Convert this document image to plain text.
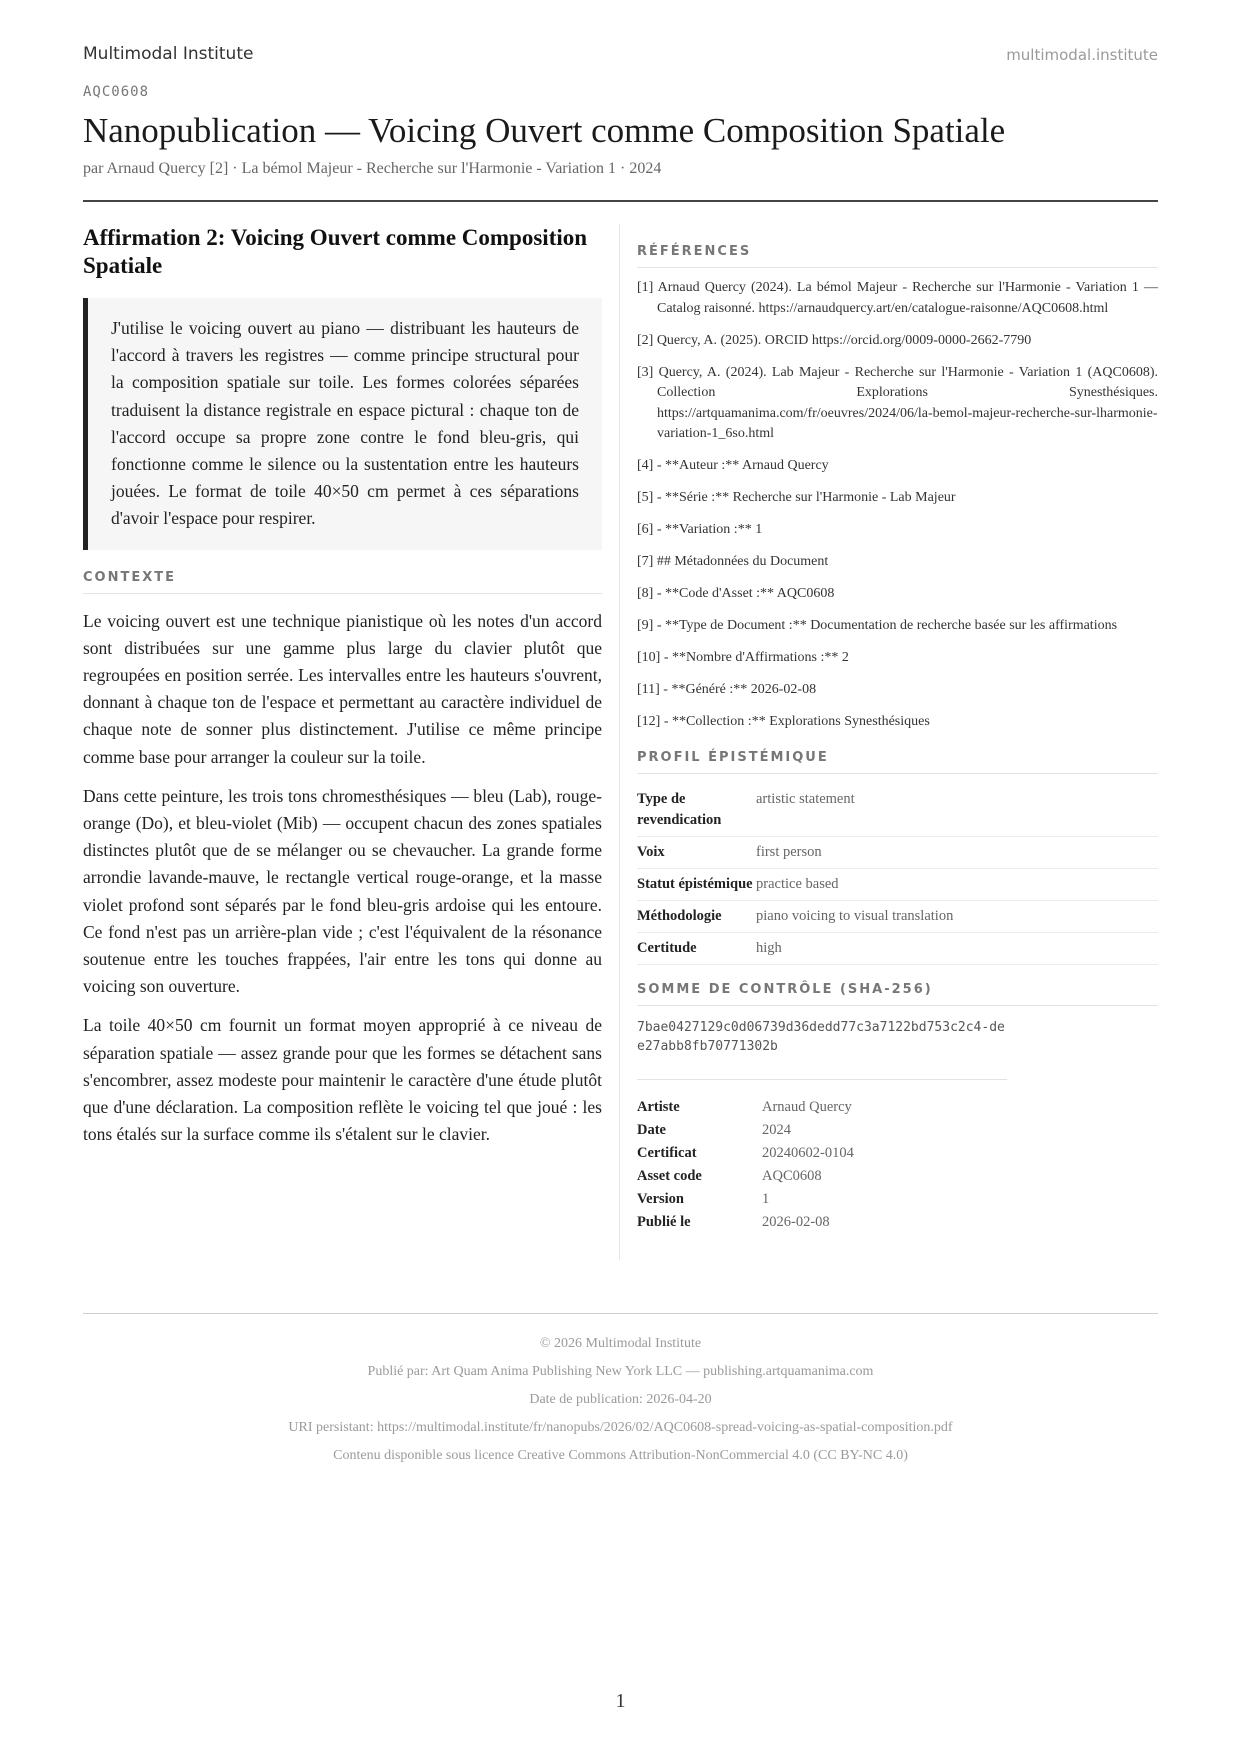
Multimodal Institute	multimodal.institute
AQC0608
Nanopublication — Voicing Ouvert comme Composition Spatiale
par Arnaud Quercy [2] · La bémol Majeur - Recherche sur l'Harmonie - Variation 1 · 2024
Affirmation 2: Voicing Ouvert comme Composition Spatiale
J'utilise le voicing ouvert au piano — distribuant les hauteurs de l'accord à travers les registres — comme principe structural pour la composition spatiale sur toile. Les formes colorées séparées traduisent la distance registrale en espace pictural : chaque ton de l'accord occupe sa propre zone contre le fond bleu-gris, qui fonctionne comme le silence ou la sustentation entre les hauteurs jouées. Le format de toile 40×50 cm permet à ces séparations d'avoir l'espace pour respirer.
CONTEXTE

Le voicing ouvert est une technique pianistique où les notes d'un accord sont distribuées sur une gamme plus large du clavier plutôt que regroupées en position serrée. Les intervalles entre les hauteurs s'ouvrent, donnant à chaque ton de l'espace et permettant au caractère individuel de chaque note de sonner plus distinctement. J'utilise ce même principe comme base pour arranger la couleur sur la toile.

Dans cette peinture, les trois tons chromesthésiques — bleu (Lab), rouge-orange (Do), et bleu-violet (Mib) — occupent chacun des zones spatiales distinctes plutôt que de se mélanger ou se chevaucher. La grande forme arrondie lavande-mauve, le rectangle vertical rouge-orange, et la masse violet profond sont séparés par le fond bleu-gris ardoise qui les entoure. Ce fond n'est pas un arrière-plan vide ; c'est l'équivalent de la résonance soutenue entre les touches frappées, l'air entre les tons qui donne au voicing son ouverture.

La toile 40×50 cm fournit un format moyen approprié à ce niveau de séparation spatiale — assez grande pour que les formes se détachent sans s'encombrer, assez modeste pour maintenir le caractère d'une étude plutôt que d'une déclaration. La composition reflète le voicing tel que joué : les tons étalés sur la surface comme ils s'étalent sur le clavier.

RÉFÉRENCES
[1] Arnaud Quercy (2024). La bémol Majeur - Recherche sur l'Harmonie - Variation 1 — Catalog raisonné. https://arnaudquercy.art/en/catalogue-raisonne/AQC0608.html
[2] Quercy, A. (2025). ORCID https://orcid.org/0009-0000-2662-7790
[3] Quercy, A. (2024). Lab Majeur - Recherche sur l'Harmonie - Variation 1 (AQC0608). Collection Explorations Synesthésiques. https://artquamanima.com/fr/oeuvres/2024/06/la-bemol-majeur-recherche-sur-lharmonie-variation-1_6so.html
[4] - **Auteur :** Arnaud Quercy
[5] - **Série :** Recherche sur l'Harmonie - Lab Majeur
[6] - **Variation :** 1
[7] ## Métadonnées du Document
[8] - **Code d'Asset :** AQC0608
[9] - **Type de Document :** Documentation de recherche basée sur les affirmations
[10] - **Nombre d'Affirmations :** 2
[11] - **Généré :** 2026-02-08
[12] - **Collection :** Explorations Synesthésiques
PROFIL ÉPISTÉMIQUE
Type de revendication	artistic statement
Voix	first person
Statut épistémique	practice based
Méthodologie	piano voicing to visual translation
Certitude	high
SOMME DE CONTRÔLE (SHA-256)
7bae0427129c0d06739d36dedd77c3a7122bd753c2c4-dee27abb8fb70771302b
Artiste	Arnaud Quercy
Date	2024
Certificat	20240602-0104
Asset code	AQC0608
Version	1
Publié le	2026-02-08
© 2026 Multimodal Institute
Publié par: Art Quam Anima Publishing New York LLC — publishing.artquamanima.com
Date de publication: 2026-04-20
URI persistant: https://multimodal.institute/fr/nanopubs/2026/02/AQC0608-spread-voicing-as-spatial-composition.pdf
Contenu disponible sous licence Creative Commons Attribution-NonCommercial 4.0 (CC BY-NC 4.0)
1
